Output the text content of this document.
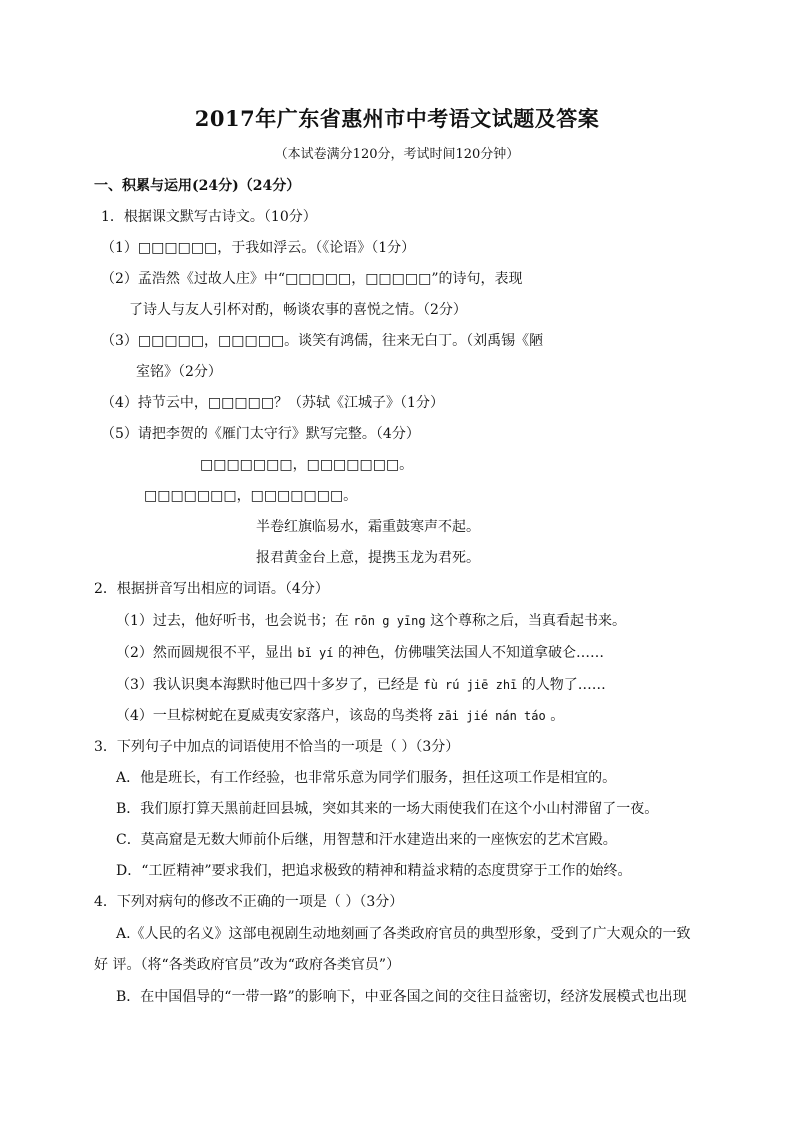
2017年广东省惠州市中考语文试题及答案
（本试卷满分120分，考试时间120分钟）
一、积累与运用(24分)（24分）
1．根据课文默写古诗文。（10分）
（1）□□□□□□，于我如浮云。（《论语》（1分）
（2）孟浩然《过故人庄》中“□□□□□，□□□□□”的诗句，表现
了诗人与友人引杯对酌，畅谈农事的喜悦之情。（2分）
（3）□□□□□，□□□□□。谈笑有鸿儒，往来无白丁。（刘禹锡《陋
室铭》（2分）
（4）持节云中，□□□□□？（苏轼《江城子》（1分）
（5）请把李贺的《雁门太守行》默写完整。（4分）
□□□□□□□，□□□□□□□。
□□□□□□□，□□□□□□□。
半卷红旗临易水，霜重鼓寒声不起。
报君黄金台上意，提携玉龙为君死。
2．根据拼音写出相应的词语。（4分）
（1）过去，他好听书，也会说书；在 rōn g yīng 这个尊称之后，当真看起书来。
（2）然而圆规很不平，显出 bǐ yí 的神色，仿佛嗤笑法国人不知道拿破仑……
（3）我认识奥本海默时他已四十多岁了，已经是 fù rú jiē zhī 的人物了……
（4）一旦棕树蛇在夏威夷安家落户，该岛的鸟类将 zāi jié nán táo 。
3．下列句子中加点的词语使用不恰当的一项是（ ）（3分）
A．他是班长，有工作经验，也非常乐意为同学们服务，担任这项工作是相宜的。
B．我们原打算天黑前赶回县城，突如其来的一场大雨使我们在这个小山村滞留了一夜。
C．莫高窟是无数大师前仆后继，用智慧和汗水建造出来的一座恢宏的艺术宫殿。
D．“工匠精神”要求我们，把追求极致的精神和精益求精的态度贯穿于工作的始终。
4．下列对病句的修改不正确的一项是（ ）（3分）
A.《人民的名义》这部电视剧生动地刻画了各类政府官员的典型形象，受到了广大观众的一致
好 评。（将“各类政府官员”改为“政府各类官员”）
B．在中国倡导的“一带一路”的影响下，中亚各国之间的交往日益密切，经济发展模式也出现
